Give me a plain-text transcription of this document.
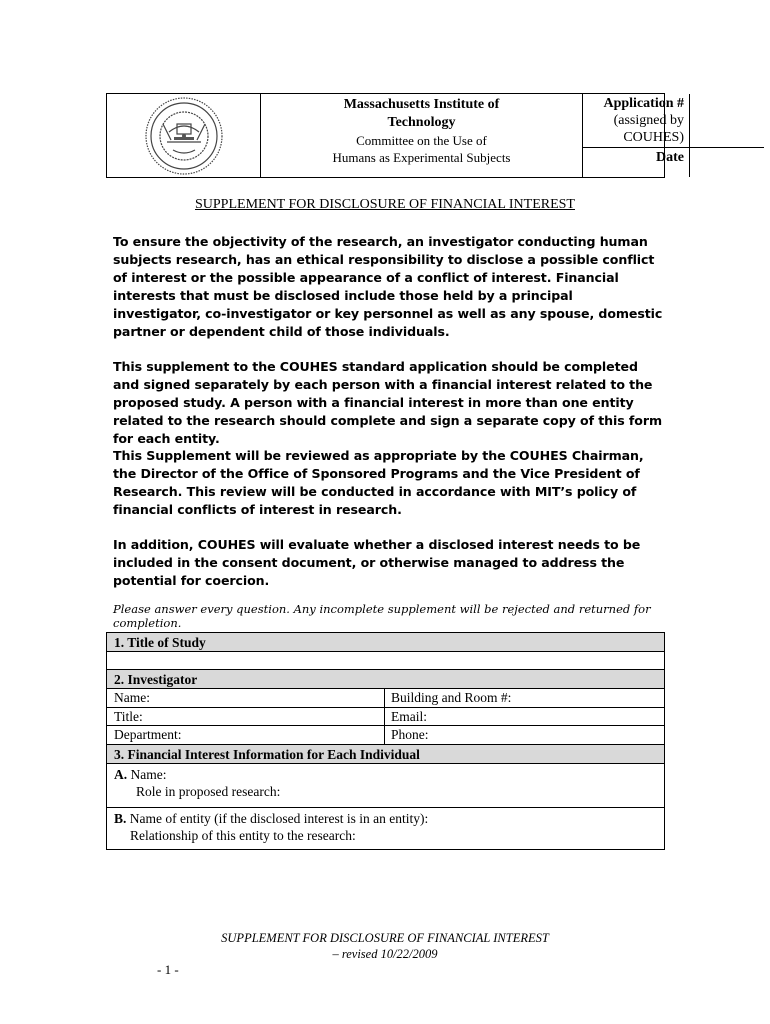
Massachusetts Institute of
Technology
Committee on the Use of
Humans as Experimental Subjects
Application #
(assigned by
COUHES)
Date
SUPPLEMENT FOR DISCLOSURE OF FINANCIAL INTEREST
To ensure the objectivity of the research, an investigator conducting human subjects research, has an ethical responsibility to disclose a possible conflict of interest or the possible appearance of a conflict of interest. Financial interests that must be disclosed include those held by a principal investigator, co-investigator or key personnel as well as any spouse, domestic partner or dependent child of those individuals.
This supplement to the COUHES standard application should be completed and signed separately by each person with a financial interest related to the proposed study. A person with a financial interest in more than one entity related to the research should complete and sign a separate copy of this form for each entity.
This Supplement will be reviewed as appropriate by the COUHES Chairman, the Director of the Office of Sponsored Programs and the Vice President of Research. This review will be conducted in accordance with MIT’s policy of financial conflicts of interest in research.
In addition, COUHES will evaluate whether a disclosed interest needs to be included in the consent document, or otherwise managed to address the potential for coercion.
Please answer every question. Any incomplete supplement will be rejected and returned for completion.
1. Title of Study
2. Investigator
Name:	Building and Room #:
Title:	Email:
Department:	Phone:
3. Financial Interest Information for Each Individual
A. Name:
Role in proposed research:
B. Name of entity (if the disclosed interest is in an entity):
Relationship of this entity to the research:
SUPPLEMENT FOR DISCLOSURE OF FINANCIAL INTEREST
– revised 10/22/2009
- 1 -
